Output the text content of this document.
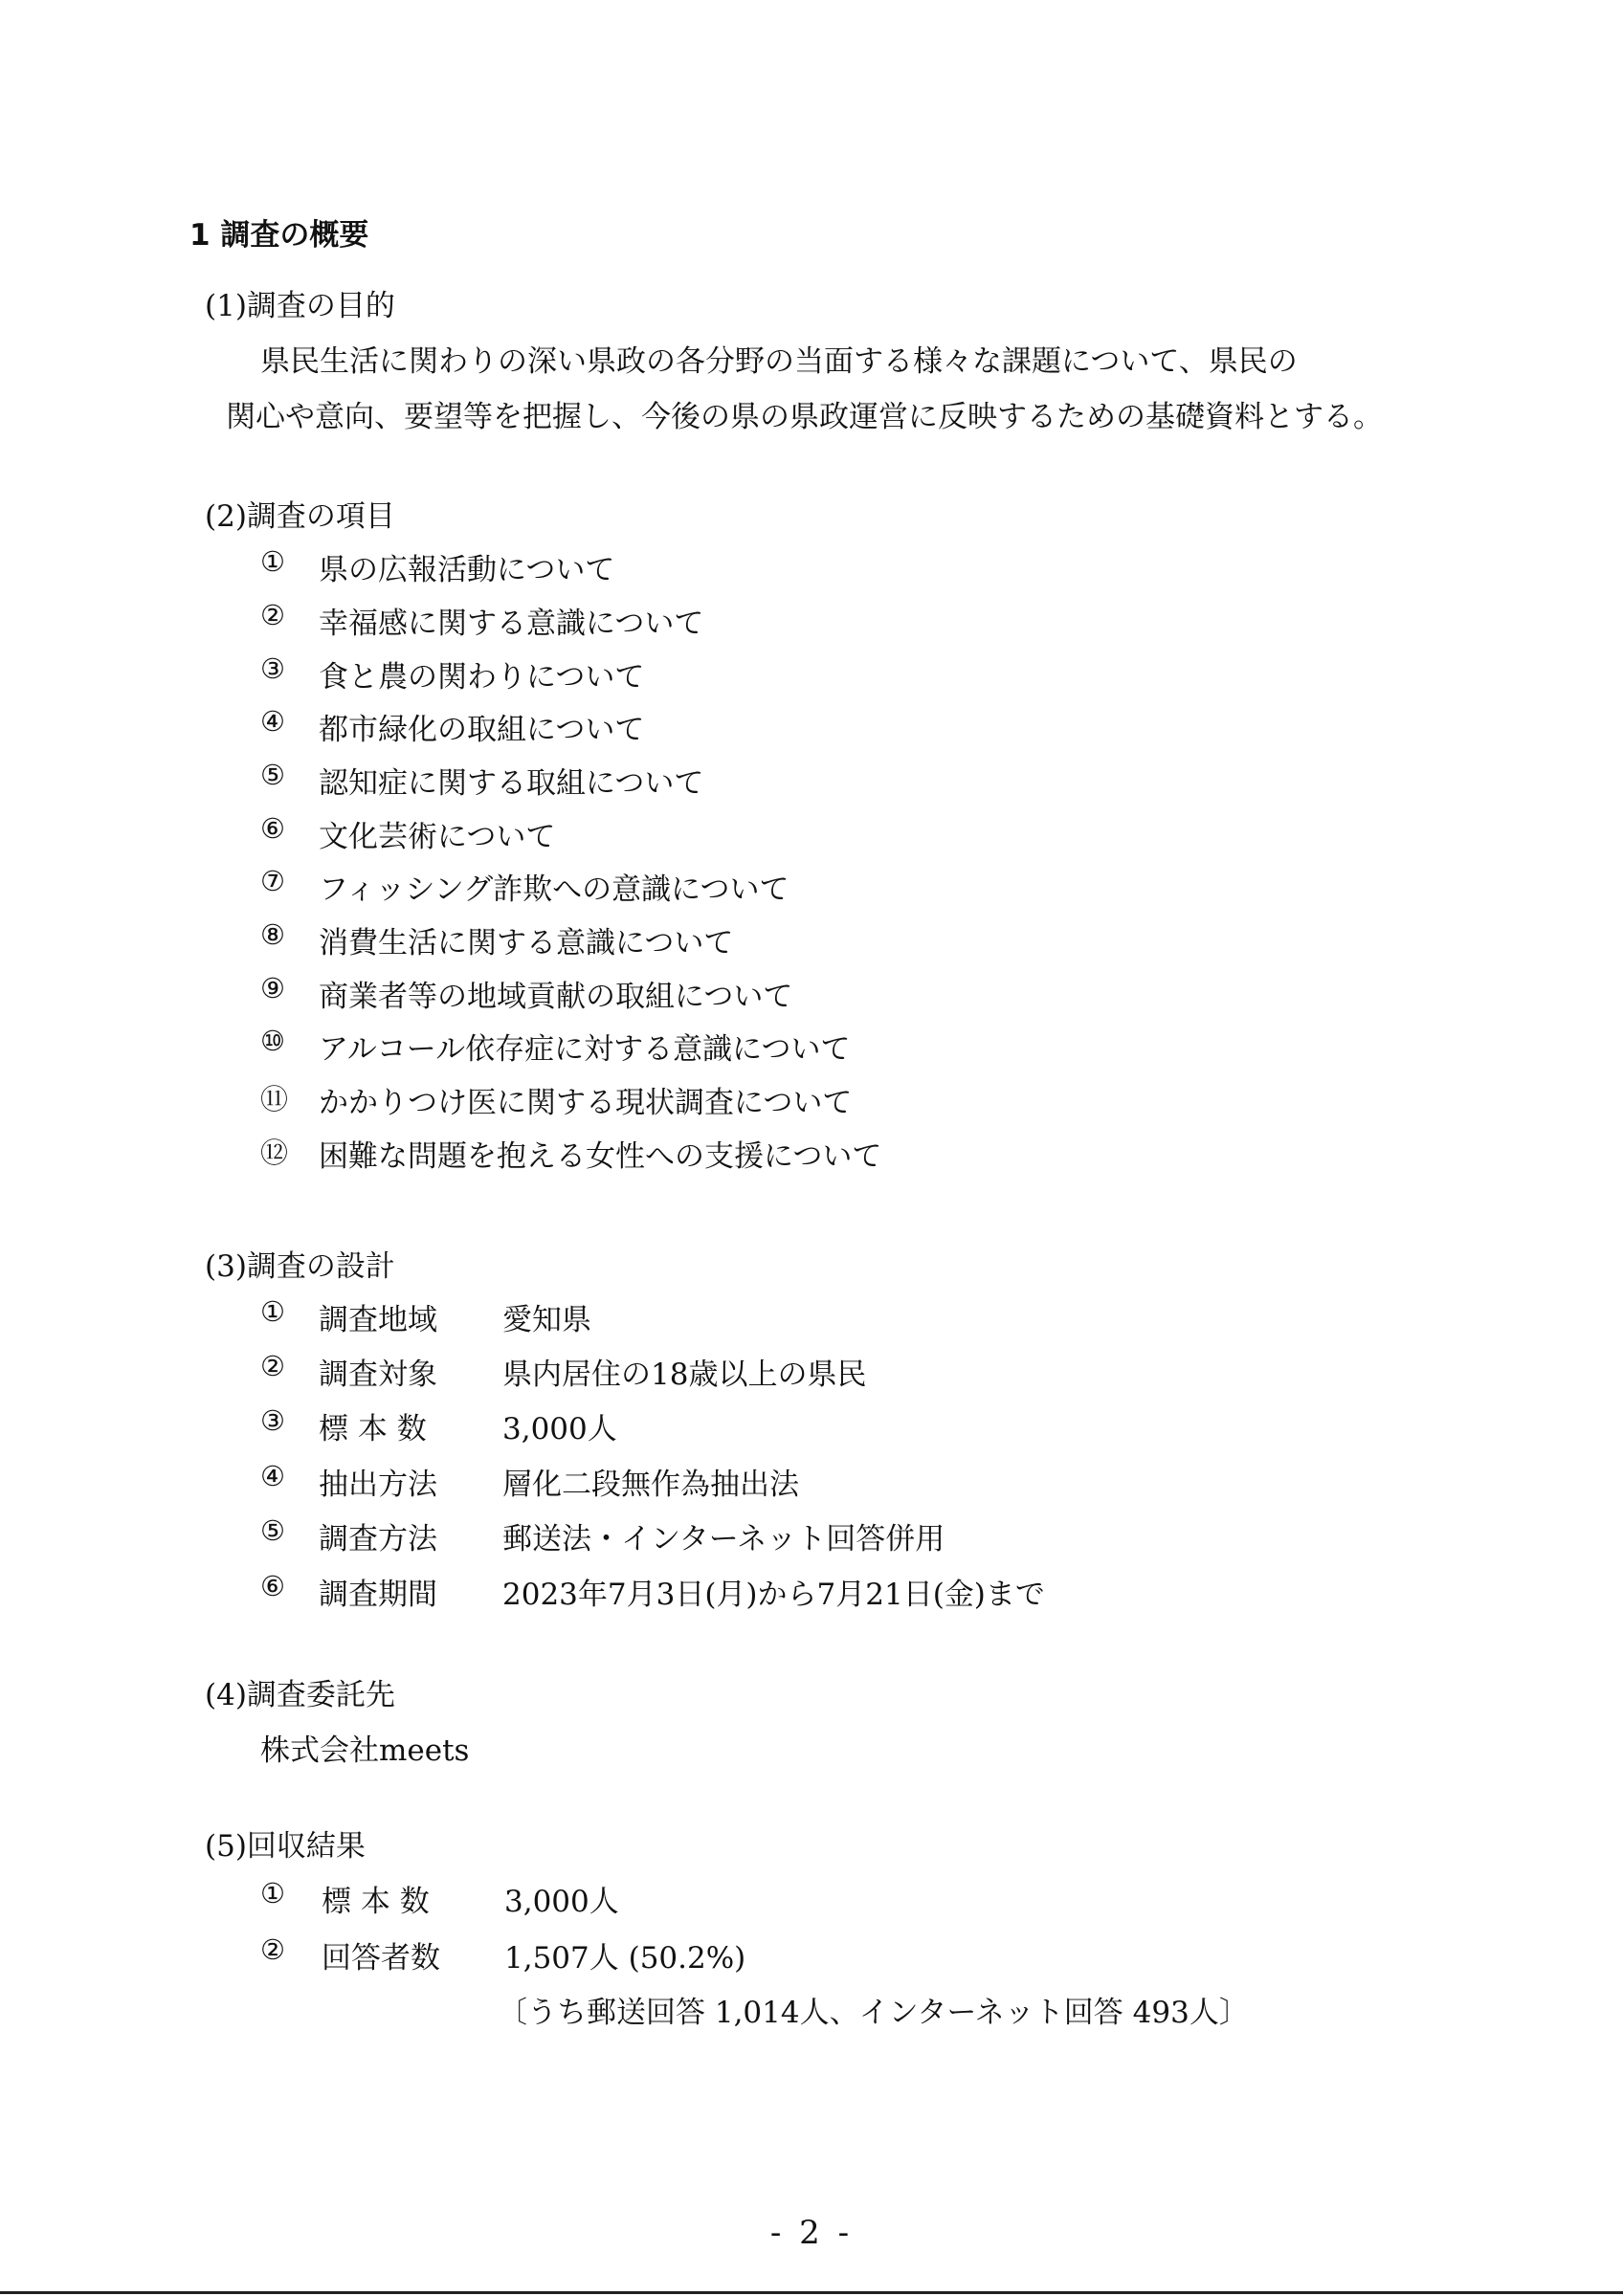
1 調査の概要
(1)調査の目的
県民生活に関わりの深い県政の各分野の当面する様々な課題について、県民の
関心や意向、要望等を把握し、今後の県の県政運営に反映するための基礎資料とする。
(2)調査の項目
① 県の広報活動について
② 幸福感に関する意識について
③ 食と農の関わりについて
④ 都市緑化の取組について
⑤ 認知症に関する取組について
⑥ 文化芸術について
⑦ フィッシング詐欺への意識について
⑧ 消費生活に関する意識について
⑨ 商業者等の地域貢献の取組について
⑩ アルコール依存症に対する意識について
⑪ かかりつけ医に関する現状調査について
⑫ 困難な問題を抱える女性への支援について
(3)調査の設計
① 調査地域 愛知県
② 調査対象 県内居住の18歳以上の県民
③ 標 本 数	3,000人
④ 抽出方法 層化二段無作為抽出法
⑤ 調査方法 郵送法・インターネット回答併用
⑥ 調査期間 2023年7月3日(月)から7月21日(金)まで
(4)調査委託先
株式会社meets
(5)回収結果
① 標 本 数	3,000人
② 回答者数 1,507人 (50.2%)
〔うち郵送回答 1,014人、インターネット回答 493人〕
- 2 -
